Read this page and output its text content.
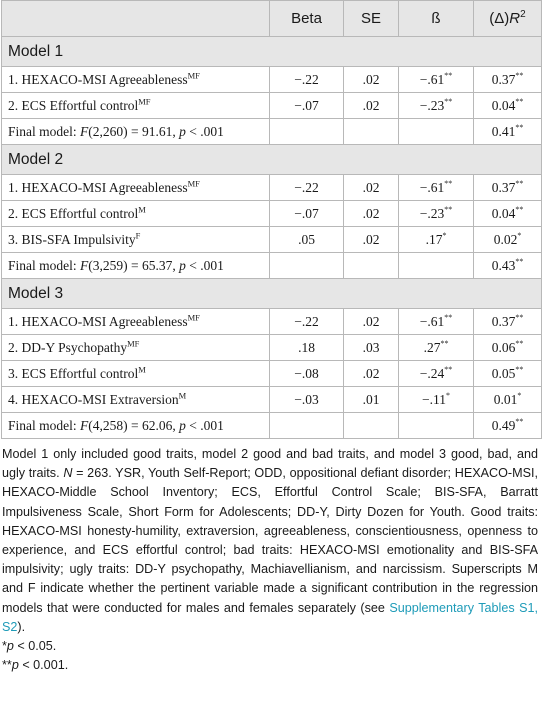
	Beta	SE	ß	$(\Delta)R^2$
Model 1				
1. HEXACO-MSI Agreeableness$^{MF}$	−.22	.02	−.61**	0.37**
2. ECS Effortful control$^{MF}$	−.07	.02	−.23**	0.04**
Final model: F(2,260) = 91.61, p < .001				0.41**
Model 2				
1. HEXACO-MSI Agreeableness$^{MF}$	−.22	.02	−.61**	0.37**
2. ECS Effortful control$^M$	−.07	.02	−.23**	0.04**
3. BIS-SFA Impulsivity$^F$	.05	.02	.17*	0.02*
Final model: F(3,259) = 65.37, p < .001				0.43**
Model 3				
1. HEXACO-MSI Agreeableness$^{MF}$	−.22	.02	−.61**	0.37**
2. DD-Y Psychopathy$^{MF}$	.18	.03	.27**	0.06**
3. ECS Effortful control$^M$	−.08	.02	−.24**	0.05**
4. HEXACO-MSI Extraversion$^M$	−.03	.01	−.11*	0.01*
Final model: F(4,258) = 62.06, p < .001				0.49**

Model 1 only included good traits, model 2 good and bad traits, and model 3 good, bad, and ugly traits. N = 263. YSR, Youth Self-Report; ODD, oppositional defiant disorder; HEXACO-MSI, HEXACO-Middle School Inventory; ECS, Effortful Control Scale; BIS-SFA, Barratt Impulsiveness Scale, Short Form for Adolescents; DD-Y, Dirty Dozen for Youth. Good traits: HEXACO-MSI honesty-humility, extraversion, agreeableness, conscientiousness, openness to experience, and ECS effortful control; bad traits: HEXACO-MSI emotionality and BIS-SFA impulsivity; ugly traits: DD-Y psychopathy, Machiavellianism, and narcissism. Superscripts M and F indicate whether the pertinent variable made a significant contribution in the regression models that were conducted for males and females separately (see Supplementary Tables S1, S2).

*p < 0.05.
**p < 0.001.
